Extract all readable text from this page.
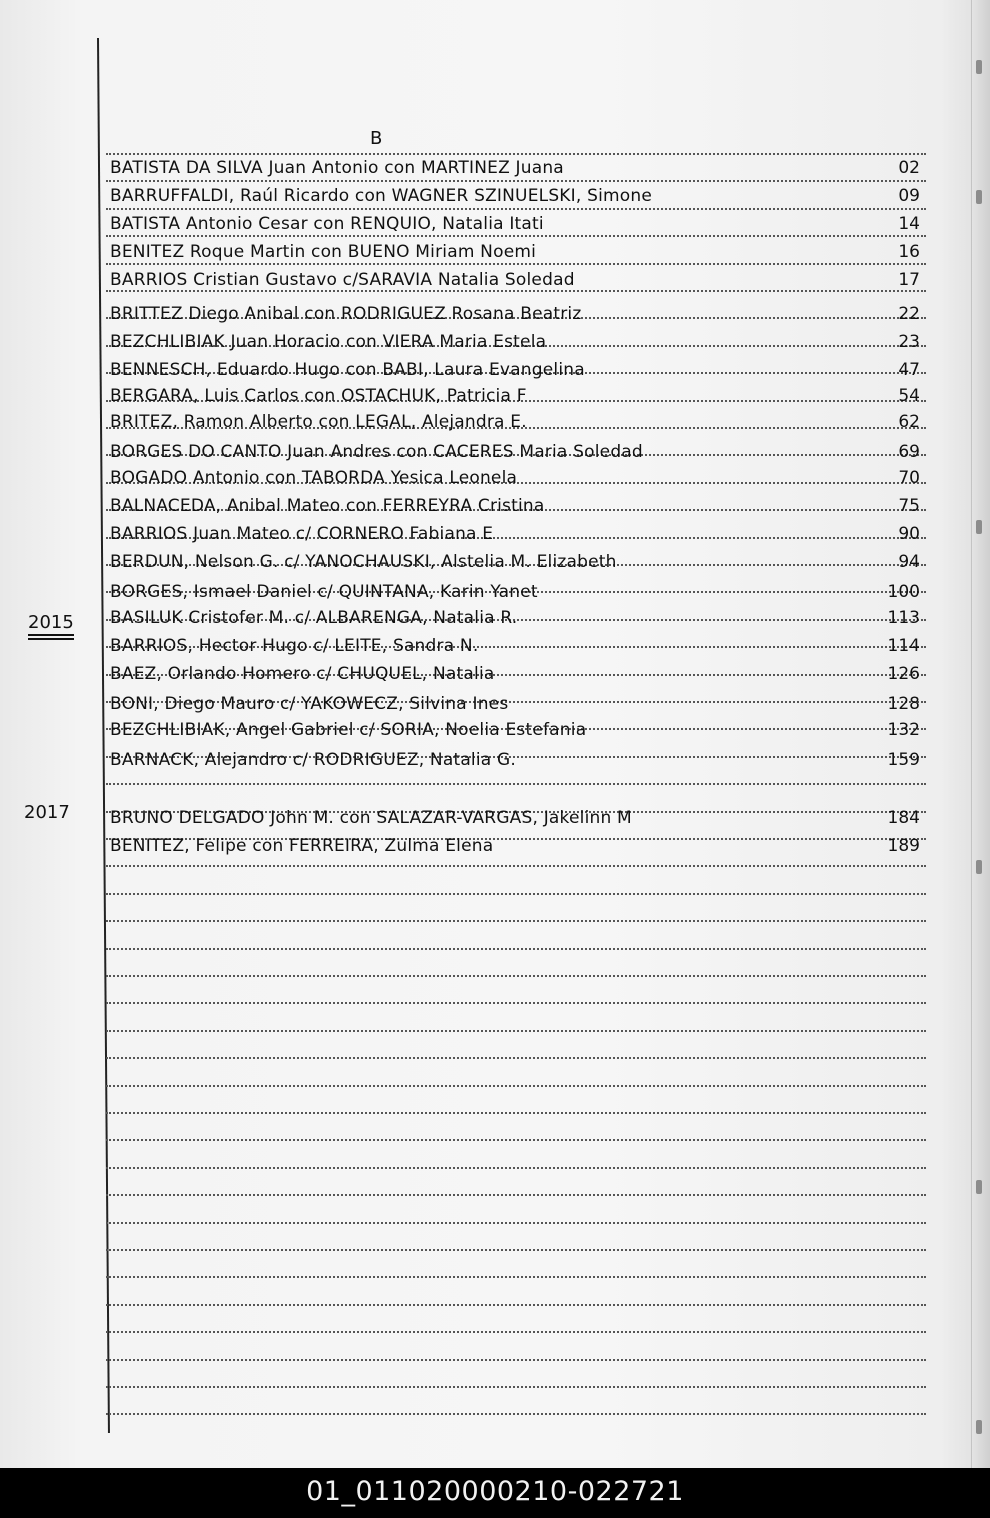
B
2015
2017
BATISTA DA SILVA Juan Antonio con MARTINEZ Juana	02
BARRUFFALDI, Raúl Ricardo con WAGNER SZINUELSKI, Simone	09
BATISTA Antonio Cesar con RENQUIO, Natalia Itati	14
BENITEZ Roque Martin con BUENO Miriam Noemi	16
BARRIOS Cristian Gustavo c/SARAVIA Natalia Soledad	17
BRITTEZ Diego Anibal con RODRIGUEZ Rosana Beatriz	22
BEZCHLIBIAK Juan Horacio con VIERA Maria Estela	23
BENNESCH, Eduardo Hugo con BABI, Laura Evangelina	47
BERGARA, Luis Carlos con OSTACHUK, Patricia F	54
BRITEZ, Ramon Alberto con LEGAL, Alejandra E.	62
BORGES DO CANTO Juan Andres con CACERES Maria Soledad	69
BOGADO Antonio con TABORDA Yesica Leonela	70
BALNACEDA, Anibal Mateo con FERREYRA Cristina	75
BARRIOS Juan Mateo c/ CORNERO Fabiana E	90
BERDUN, Nelson G. c/ YANOCHAUSKI, Alstelia M. Elizabeth	94
BORGES, Ismael Daniel c/ QUINTANA, Karin Yanet	100
BASILUK Cristofer M. c/ ALBARENGA, Natalia R.	113
BARRIOS, Hector Hugo c/ LEITE, Sandra N.	114
BAEZ, Orlando Homero c/ CHUQUEL, Natalia	126
BONI, Diego Mauro c/ YAKOWECZ, Silvina Ines	128
BEZCHLIBIAK, Angel Gabriel c/ SORIA, Noelia Estefania	132
BARNACK, Alejandro c/ RODRIGUEZ, Natalia G.	159
BRUNO DELGADO John M. con SALAZAR-VARGAS, Jakelinn M	184
BENITEZ, Felipe con FERREIRA, Zulma Elena	189
01_011020000210-022721
